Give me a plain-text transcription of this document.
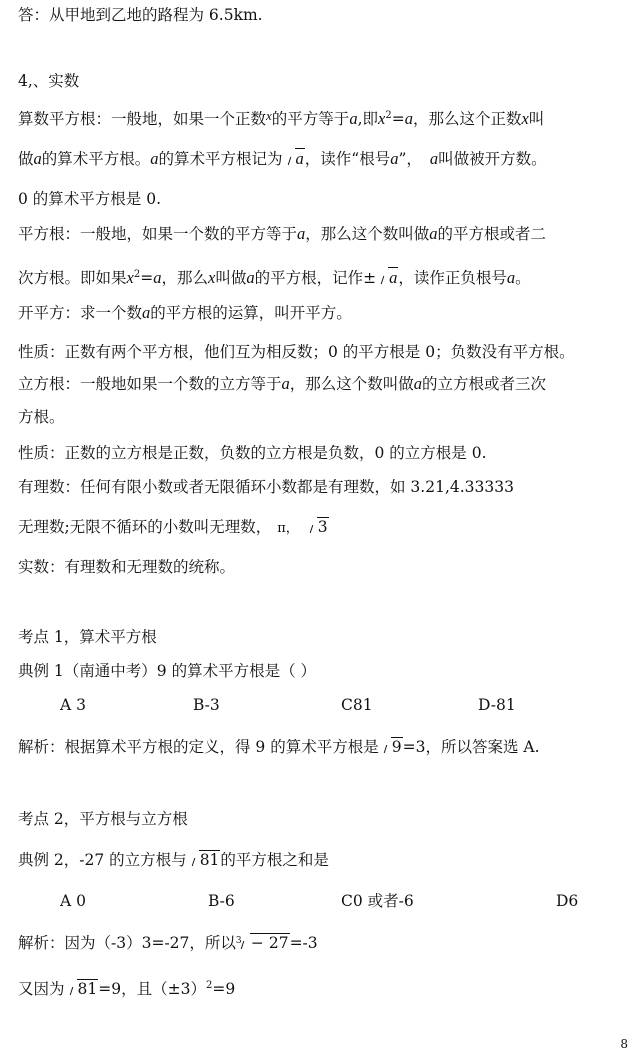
答：从甲地到乙地的路程为 6.5km.
4,、实数
算数平方根：一般地，如果一个正数$^x$的平方等于a,即$x^2=a$，那么这个正数x叫
做a的算术平方根。a的算术平方根记为 a，读作“根号a”， a叫做被开方数。
0 的算术平方根是 0.
平方根：一般地，如果一个数的平方等于a，那么这个数叫做a的平方根或者二
次方根。即如果$x^2=a$，那么x叫做a的平方根，记作± a，读作正负根号a。
开平方：求一个数a的平方根的运算，叫开平方。
性质：正数有两个平方根，他们互为相反数；0 的平方根是 0；负数没有平方根。
立方根：一般地如果一个数的立方等于a，那么这个数叫做a的立方根或者三次
方根。
性质：正数的立方根是正数，负数的立方根是负数，0 的立方根是 0.
有理数：任何有限小数或者无限循环小数都是有理数，如 3.21,4.33333
无理数;无限不循环的小数叫无理数， π， 3
实数：有理数和无理数的统称。
考点 1，算术平方根
典例 1（南通中考）9 的算术平方根是（ ）
A 3	B-3	C81	D-81
解析：根据算术平方根的定义，得 9 的算术平方根是 9=3，所以答案选 A.
考点 2，平方根与立方根
典例 2，-27 的立方根与 81的平方根之和是
A 0	B-6	C0 或者-6	D6
解析：因为（-3）3=-27，所以 3 − 27=-3
又因为 81=9，且$(\pm 3)^2=9$
8
